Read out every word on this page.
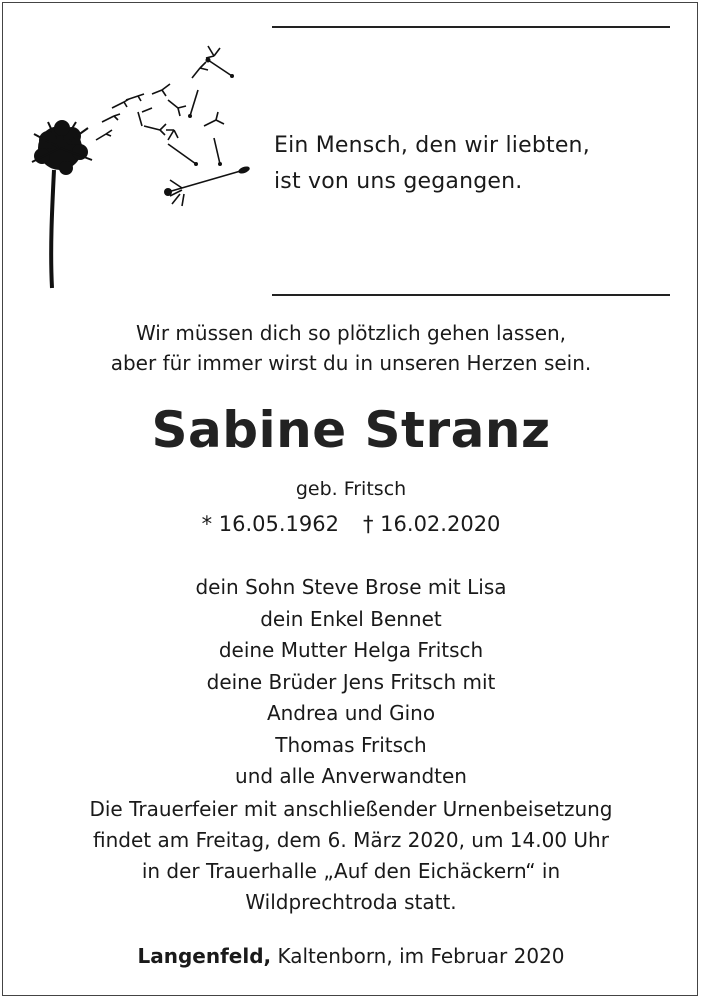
Ein Mensch, den wir liebten,
ist von uns gegangen.
Wir müssen dich so plötzlich gehen lassen,
aber für immer wirst du in unseren Herzen sein.
Sabine Stranz
geb. Fritsch
* 16.05.1962 † 16.02.2020
dein Sohn Steve Brose mit Lisa
dein Enkel Bennet
deine Mutter Helga Fritsch
deine Brüder Jens Fritsch mit
Andrea und Gino
Thomas Fritsch
und alle Anverwandten
Die Trauerfeier mit anschließender Urnenbeisetzung
findet am Freitag, dem 6. März 2020, um 14.00 Uhr
in der Trauerhalle „Auf den Eichäckern“ in
Wildprechtroda statt.
Langenfeld, Kaltenborn, im Februar 2020
